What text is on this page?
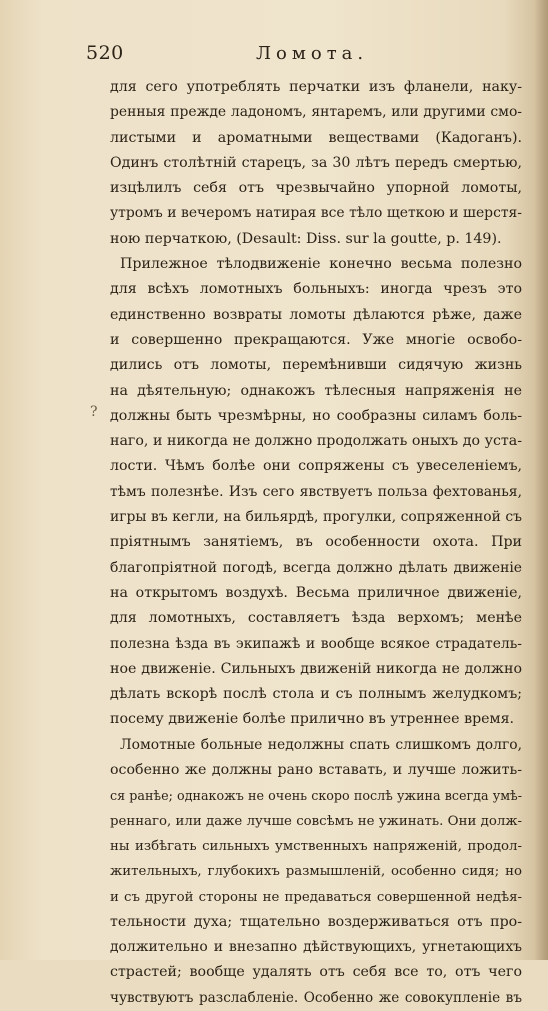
520	Ломота.
?
для сего употреблять перчатки изъ фланели, наку-
ренныя прежде ладономъ, янтаремъ, или другими смо-
листыми и ароматными веществами (Кадоганъ).
Одинъ столѣтній старецъ, за 30 лѣтъ передъ смертью,
изцѣлилъ себя отъ чрезвычайно упорной ломоты,
утромъ и вечеромъ натирая все тѣло щеткою и шерстя-
ною перчаткою, (Desault: Diss. sur la goutte, p. 149).
Прилежное тѣлодвиженіе конечно весьма полезно
для всѣхъ ломотныхъ больныхъ: иногда чрезъ это
единственно возвраты ломоты дѣлаются рѣже, даже
и совершенно прекращаются. Уже многіе освобо-
дились отъ ломоты, перемѣнивши сидячую жизнь
на дѣятельную; однакожъ тѣлесныя напряженія не
должны быть чрезмѣрны, но сообразны силамъ боль-
наго, и никогда не должно продолжать оныхъ до уста-
лости. Чѣмъ болѣе они сопряжены съ увеселеніемъ,
тѣмъ полезнѣе. Изъ сего явствуетъ польза фехтованья,
игры въ кегли, на бильярдѣ, прогулки, сопряженной съ
пріятнымъ занятіемъ, въ особенности охота. При
благопріятной погодѣ, всегда должно дѣлать движеніе
на открытомъ воздухѣ. Весьма приличное движеніе,
для ломотныхъ, составляетъ ѣзда верхомъ; менѣе
полезна ѣзда въ экипажѣ и вообще всякое страдатель-
ное движеніе. Сильныхъ движеній никогда не должно
дѣлать вскорѣ послѣ стола и съ полнымъ желудкомъ;
посему движеніе болѣе прилично въ утреннее время.
Ломотные больные недолжны спать слишкомъ долго,
особенно же должны рано вставать, и лучше ложить-
ся ранѣе; однакожъ не очень скоро послѣ ужина всегда умѣ-
реннаго, или даже лучше совсѣмъ не ужинать. Они долж-
ны избѣгать сильныхъ умственныхъ напряженій, продол-
жительныхъ, глубокихъ размышленій, особенно сидя; но
и съ другой стороны не предаваться совершенной недѣя-
тельности духа; тщательно воздерживаться отъ про-
должительно и внезапно дѣйствующихъ, угнетающихъ
страстей; вообще удалять отъ себя все то, отъ чего
чувствуютъ разслабленіе. Особенно же совокупленіе въ
